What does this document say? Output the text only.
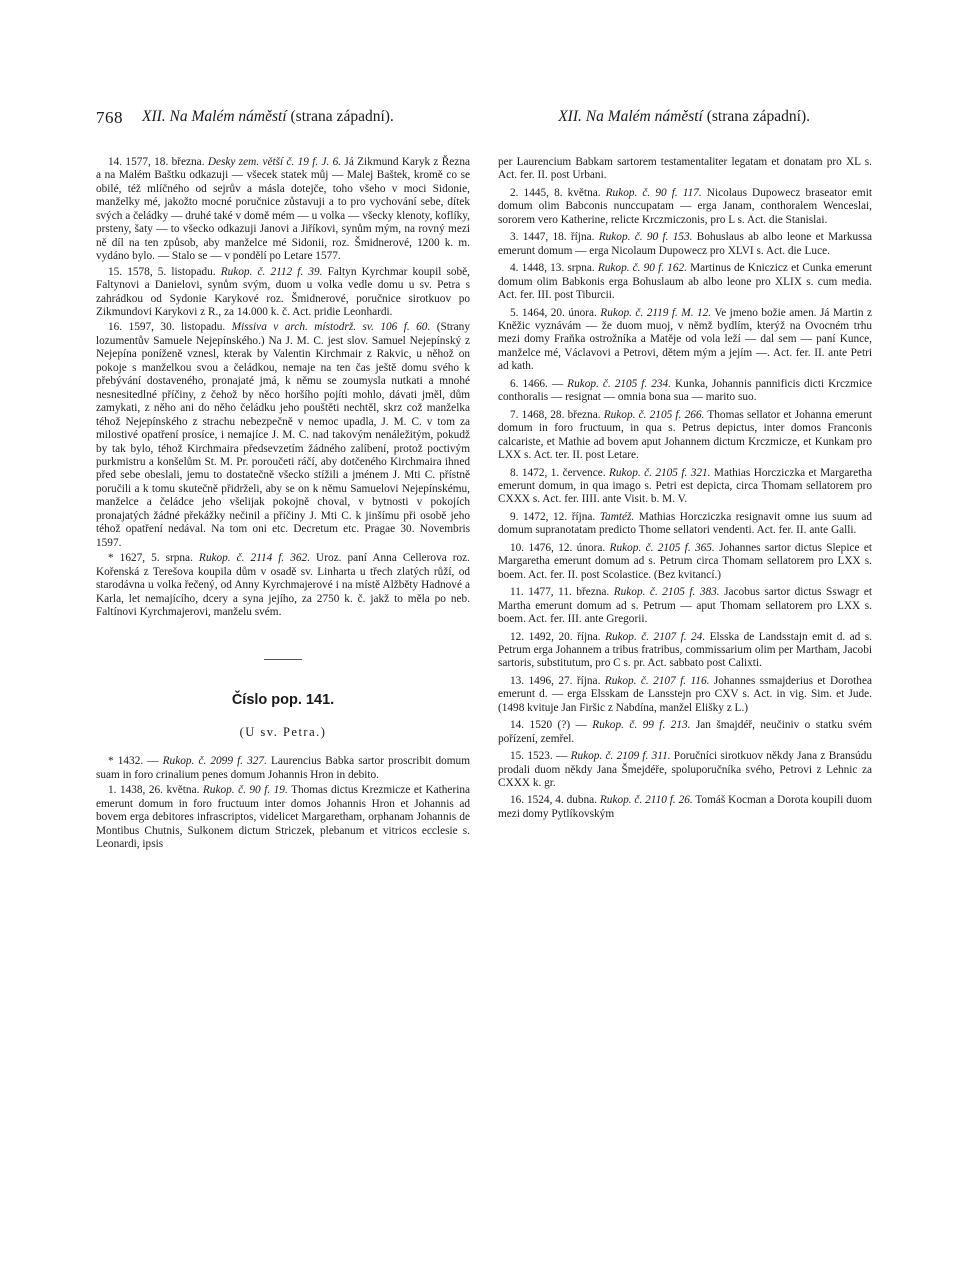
768 XII. Na Malém náměstí (strana západní).	XII. Na Malém náměstí (strana západní).

14. 1577, 18. března. Desky zem. větší č. 19 f. J. 6. Já Zikmund Karyk z Řezna a na Malém Baštku odkazuji — všecek statek můj — Malej Baštek, kromě co se obilé, též mlíčného od sejrův a másla dotejče, toho všeho v moci Sidonie, manželky mé, jakožto mocné poručnice zůstavuji a to pro vychování sebe, dítek svých a čeládky — druhé také v domě mém — u volka — všecky klenoty, koflíky, prsteny, šaty — to všecko odkazuji Janovi a Jiříkovi, synům mým, na rovný mezi ně díl na ten způsob, aby manželce mé Sidonii, roz. Šmidnerové, 1200 k. m. vydáno bylo. — Stalo se — v pondělí po Letare 1577.

15. 1578, 5. listopadu. Rukop. č. 2112 f. 39. Faltyn Kyrchmar koupil sobě, Faltynovi a Danielovi, synům svým, duom u volka vedle domu u sv. Petra s zahrádkou od Sydonie Karykové roz. Šmidnerové, poručnice sirotkuov po Zikmundovi Karykovi z R., za 14.000 k. č. Act. pridie Leonhardi.

16. 1597, 30. listopadu. Missiva v arch. místodrž. sv. 106 f. 60. (Strany lozumentův Samuele Nejepínského.) Na J. M. C. jest slov. Samuel Nejepínský z Nejepína poníženě vznesl, kterak by Valentin Kirchmair z Rakvic, u něhož on pokoje s manželkou svou a čeládkou, nemaje na ten čas ještě domu svého k přebývání dostaveného, pronajaté jmá, k němu se zoumysla nutkati a mnohé nesnesitedlné příčiny, z čehož by něco horšího pojíti mohlo, dávati jměl, dům zamykati, z něho ani do něho čeládku jeho pouštěti nechtěl, skrz což manželka téhož Nejepínského z strachu nebezpečně v nemoc upadla, J. M. C. v tom za milostivé opatření prosíce, i nemajíce J. M. C. nad takovým nenáležitým, pokudž by tak bylo, téhož Kirchmaira předsevzetím žádného zalíbení, protož poctivým purkmistru a konšelům St. M. Pr. poroučeti ráčí, aby dotčeného Kirchmaira ihned před sebe obeslali, jemu to dostatečně všecko stížili a jménem J. Mti C. přístně poručili a k tomu skutečně přidrželi, aby se on k němu Samuelovi Nejepínskému, manželce a čeládce jeho všelijak pokojně choval, v bytnosti v pokojích pronajatých žádné překážky nečinil a příčiny J. Mti C. k jinšímu při osobě jeho téhož opatření nedával. Na tom oni etc. Decretum etc. Pragae 30. Novembris 1597.

* 1627, 5. srpna. Rukop. č. 2114 f. 362. Uroz. paní Anna Cellerova roz. Kořenská z Terešova koupila dům v osadě sv. Linharta u třech zlatých růží, od starodávna u volka řečený, od Anny Kyrchmajerové i na místě Alžběty Hadnové a Karla, let nemajícího, dcery a syna jejího, za 2750 k. č. jakž to měla po neb. Faltínovi Kyrchmajerovi, manželu svém.

Číslo pop. 141.
(U sv. Petra.)

* 1432. — Rukop. č. 2099 f. 327. Laurencius Babka sartor proscribit domum suam in foro crinalium penes domum Johannis Hron in debito.

1. 1438, 26. května. Rukop. č. 90 f. 19. Thomas dictus Krezmicze et Katherina emerunt domum in foro fructuum inter domos Johannis Hron et Johannis ad bovem erga debitores infrascriptos, videlicet Margaretham, orphanam Johannis de Montibus Chutnis, Sulkonem dictum Striczek, plebanum et vitricos ecclesie s. Leonardi, ipsis

per Laurencium Babkam sartorem testamentaliter legatam et donatam pro XL s. Act. fer. II. post Urbani.

2. 1445, 8. května. Rukop. č. 90 f. 117. Nicolaus Dupowecz braseator emit domum olim Babconis nunccupatam — erga Janam, conthoralem Wenceslai, sororem vero Katherine, relicte Krczmiczonis, pro L s. Act. die Stanislai.

3. 1447, 18. října. Rukop. č. 90 f. 153. Bohuslaus ab albo leone et Markussa emerunt domum — erga Nicolaum Dupowecz pro XLVI s. Act. die Luce.

4. 1448, 13. srpna. Rukop. č. 90 f. 162. Martinus de Kniczicz et Cunka emerunt domum olim Babkonis erga Bohuslaum ab albo leone pro XLIX s. cum media. Act. fer. III. post Tiburcii.

5. 1464, 20. února. Rukop. č. 2119 f. M. 12. Ve jmeno božie amen. Já Martin z Kněžic vyznávám — že duom muoj, v němž bydlím, kterýž na Ovocném trhu mezi domy Fraňka ostrožníka a Matěje od vola leží — dal sem — paní Kunce, manželce mé, Václavovi a Petrovi, dětem mým a jejím —. Act. fer. II. ante Petri ad kath.

6. 1466. — Rukop. č. 2105 f. 234. Kunka, Johannis pannificis dicti Krczmice conthoralis — resignat — omnia bona sua — marito suo.

7. 1468, 28. března. Rukop. č. 2105 f. 266. Thomas sellator et Johanna emerunt domum in foro fructuum, in qua s. Petrus depictus, inter domos Franconis calcariste, et Mathie ad bovem aput Johannem dictum Krczmicze, et Kunkam pro LXX s. Act. ter. II. post Letare.

8. 1472, 1. července. Rukop. č. 2105 f. 321. Mathias Horcziczka et Margaretha emerunt domum, in qua imago s. Petri est depicta, circa Thomam sellatorem pro CXXX s. Act. fer. IIII. ante Visit. b. M. V.

9. 1472, 12. října. Tamtéž. Mathias Horcziczka resignavit omne ius suum ad domum supranotatam predicto Thome sellatori vendenti. Act. fer. II. ante Galli.

10. 1476, 12. února. Rukop. č. 2105 f. 365. Johannes sartor dictus Slepice et Margaretha emerunt domum ad s. Petrum circa Thomam sellatorem pro LXX s. boem. Act. fer. II. post Scolastice. (Bez kvitancí.)

11. 1477, 11. března. Rukop. č. 2105 f. 383. Jacobus sartor dictus Sswagr et Martha emerunt domum ad s. Petrum — aput Thomam sellatorem pro LXX s. boem. Act. fer. III. ante Gregorii.

12. 1492, 20. října. Rukop. č. 2107 f. 24. Elsska de Landsstajn emit d. ad s. Petrum erga Johannem a tribus fratribus, commissarium olim per Martham, Jacobi sartoris, substitutum, pro C s. pr. Act. sabbato post Calixti.

13. 1496, 27. října. Rukop. č. 2107 f. 116. Johannes ssmajderius et Dorothea emerunt d. — erga Elsskam de Lansstejn pro CXV s. Act. in vig. Sim. et Jude. (1498 kvituje Jan Firšic z Nabdína, manžel Elišky z L.)

14. 1520 (?) — Rukop. č. 99 f. 213. Jan šmajdéř, neučiniv o statku svém pořízení, zemřel.

15. 1523. — Rukop. č. 2109 f. 311. Poručníci sirotkuov někdy Jana z Bransúdu prodali duom někdy Jana Šmejdéře, spoluporučníka svého, Petrovi z Lehnic za CXXX k. gr.

16. 1524, 4. dubna. Rukop. č. 2110 f. 26. Tomáš Kocman a Dorota koupili duom mezi domy Pytlíkovským
